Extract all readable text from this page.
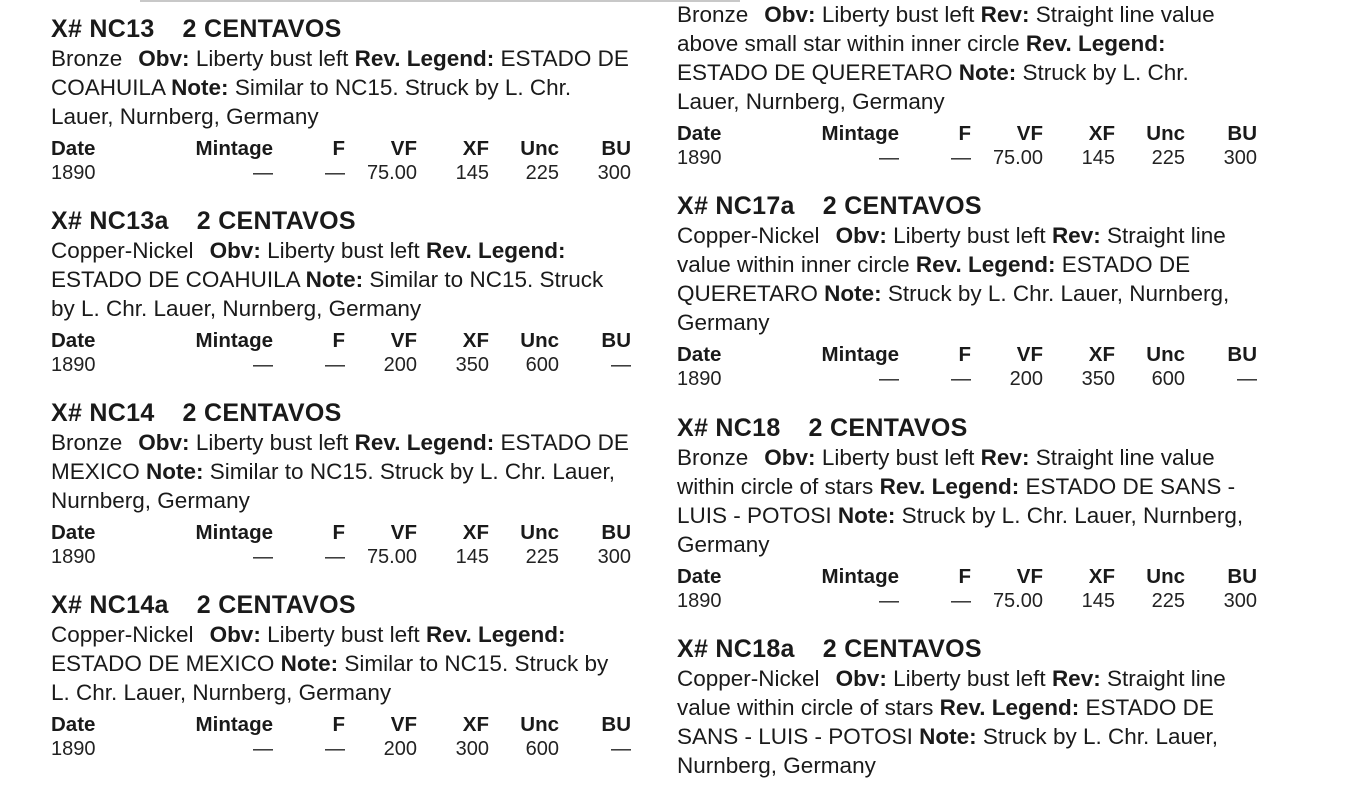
X# NC13 2 CENTAVOS
Bronze Obv: Liberty bust left Rev. Legend: ESTADO DE COAHUILA Note: Similar to NC15. Struck by L. Chr. Lauer, Nurnberg, Germany
Date	Mintage	F	VF	XF	Unc	BU
1890	—	—	75.00	145	225	300
X# NC13a 2 CENTAVOS
Copper-Nickel Obv: Liberty bust left Rev. Legend: ESTADO DE COAHUILA Note: Similar to NC15. Struck by L. Chr. Lauer, Nurnberg, Germany
Date	Mintage	F	VF	XF	Unc	BU
1890	—	—	200	350	600	—
X# NC14 2 CENTAVOS
Bronze Obv: Liberty bust left Rev. Legend: ESTADO DE MEXICO Note: Similar to NC15. Struck by L. Chr. Lauer, Nurnberg, Germany
Date	Mintage	F	VF	XF	Unc	BU
1890	—	—	75.00	145	225	300
X# NC14a 2 CENTAVOS
Copper-Nickel Obv: Liberty bust left Rev. Legend: ESTADO DE MEXICO Note: Similar to NC15. Struck by L. Chr. Lauer, Nurnberg, Germany
Date	Mintage	F	VF	XF	Unc	BU
1890	—	—	200	300	600	—
Bronze Obv: Liberty bust left Rev: Straight line value above small star within inner circle Rev. Legend: ESTADO DE QUERETARO Note: Struck by L. Chr. Lauer, Nurnberg, Germany
Date	Mintage	F	VF	XF	Unc	BU
1890	—	—	75.00	145	225	300
X# NC17a 2 CENTAVOS
Copper-Nickel Obv: Liberty bust left Rev: Straight line value within inner circle Rev. Legend: ESTADO DE QUERETARO Note: Struck by L. Chr. Lauer, Nurnberg, Germany
Date	Mintage	F	VF	XF	Unc	BU
1890	—	—	200	350	600	—
X# NC18 2 CENTAVOS
Bronze Obv: Liberty bust left Rev: Straight line value within circle of stars Rev. Legend: ESTADO DE SANS - LUIS - POTOSI Note: Struck by L. Chr. Lauer, Nurnberg, Germany
Date	Mintage	F	VF	XF	Unc	BU
1890	—	—	75.00	145	225	300
X# NC18a 2 CENTAVOS
Copper-Nickel Obv: Liberty bust left Rev: Straight line value within circle of stars Rev. Legend: ESTADO DE SANS - LUIS - POTOSI Note: Struck by L. Chr. Lauer, Nurnberg, Germany
